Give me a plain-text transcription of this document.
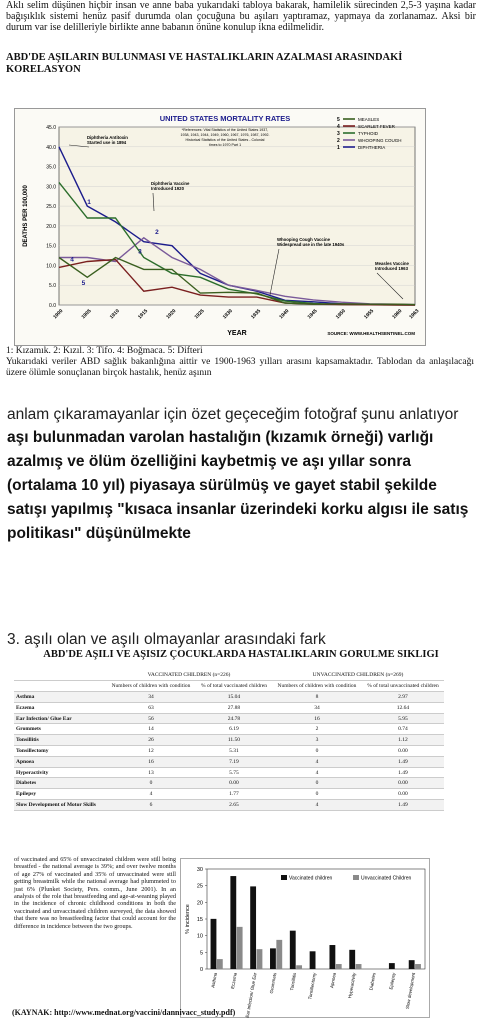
Aklı selim düşünen hiçbir insan ve anne baba yukarıdaki tabloya bakarak, hamilelik sürecinden 2,5-3 yaşına kadar bağışıklık sistemi henüz pasif durumda olan çocuğuna bu aşıları yaptıramaz, yapmaya da zorlanamaz. Aksi bir durum var ise delilleriyle birlikte anne babanın önüne konulup ikna edilmelidir.

ABD'DE AŞILARIN BULUNMASI VE HASTALIKLARIN AZALMASI ARASINDAKİ KORELASYON
0.0
5.0
10.0
15.0
20.0
25.0
30.0
35.0
40.0
45.0
1900	1905	1910	1915	1920	1925	1930	1935	1940	1945	1950	1955	1960 1963
DEATHS PER 100,000
YEAR	SOURCE: WWW.HEALTHSENTINEL.COM
UNITED STATES MORTALITY RATES
*References: Vital Statistics of the United States 1937, 1938, 1943, 1944, 1949, 1960, 1967, 1976, 1987, 1992. Historical Statistics of the United States - Colonial times to 1970 Part 1
5	MEASLES
4	SCARLET FEVER
3	TYPHOID
2	WHOOPING COUGH
1	DIPHTHERIA
Diphtheria Antitoxin Started use in 1894
Diphtheria Vaccine Introduced 1920
Whooping Cough Vaccine Widespread use in the late 1940s
Measles Vaccine Introduced 1963
1
2
3
4
5
1: Kızamık. 2: Kızıl. 3: Tifo. 4: Boğmaca. 5: Difteri
Yukarıdaki veriler ABD sağlık bakanlığına aittir ve 1900-1963 yılları arasını kapsamaktadır. Tablodan da anlaşılacağı üzere ölümle sonuçlanan birçok hastalık, henüz aşının
anlam çıkaramayanlar için özet geçeceğim fotoğraf şunu anlatıyor
aşı bulunmadan varolan hastalığın (kızamık örneği) varlığı azalmış ve ölüm özelliğini kaybetmiş ve aşı yıllar sonra (ortalama 10 yıl) piyasaya sürülmüş ve gayet stabil şekilde satışı yapılmış "kısaca insanlar üzerindeki korku algısı ile satış politikası" düşünülmekte
3. aşılı olan ve aşılı olmayanlar arasındaki fark
ABD'DE AŞILI VE AŞISIZ ÇOCUKLARDA HASTALIKLARIN GORULME SIKLIGI
	VACCINATED CHILDREN (n=226)		UNVACCINATED CHILDREN (n=269)	
	Numbers of children with condition	% of total vaccinated children	Numbers of children with condition	% of total unvaccinated children
Asthma	34	15.04	8	2.97
Eczema	63	27.88	34	12.64
Ear Infection/ Glue Ear	56	24.78	16	5.95
Grommets	14	6.19	2	0.74
Tonsillitis	26	11.50	3	1.12
Tonsillectomy	12	5.31	0	0.00
Apnoea	16	7.19	4	1.49
Hyperactivity	13	5.75	4	1.49
Diabetes	0	0.00	0	0.00
Epilepsy	4	1.77	0	0.00
Slow Development of Motor Skills	6	2.65	4	1.49
of vaccinated and 65% of unvaccinated children were still being breastfed - the national average is 39%; and over twelve months of age 27% of vaccinated and 35% of unvaccinated were still getting breastmilk while the national average had plummeted to just 6% (Plunket Society, Pers. comm., June 2001). In an analysis of the role that breastfeeding and age-at-weaning played in the incidence of chronic childhood conditions in both the vaccinated and unvaccinated children surveyed, the data showed that there was no breastfeeding factor that could account for the difference in incidence between the two groups.
0
5
10
15
20
25
30
% incidence
Asthma	Eczema Ear Infection/ Glue Ear Grommets	Tonsillitis Tonsillectomy	Apnoea Hyperactivity	Diabetes	Epilepsy Slow development
Vaccinated children	Unvaccinated Children
(KAYNAK: http://www.mednat.org/vaccini/dannivacc_study.pdf)
